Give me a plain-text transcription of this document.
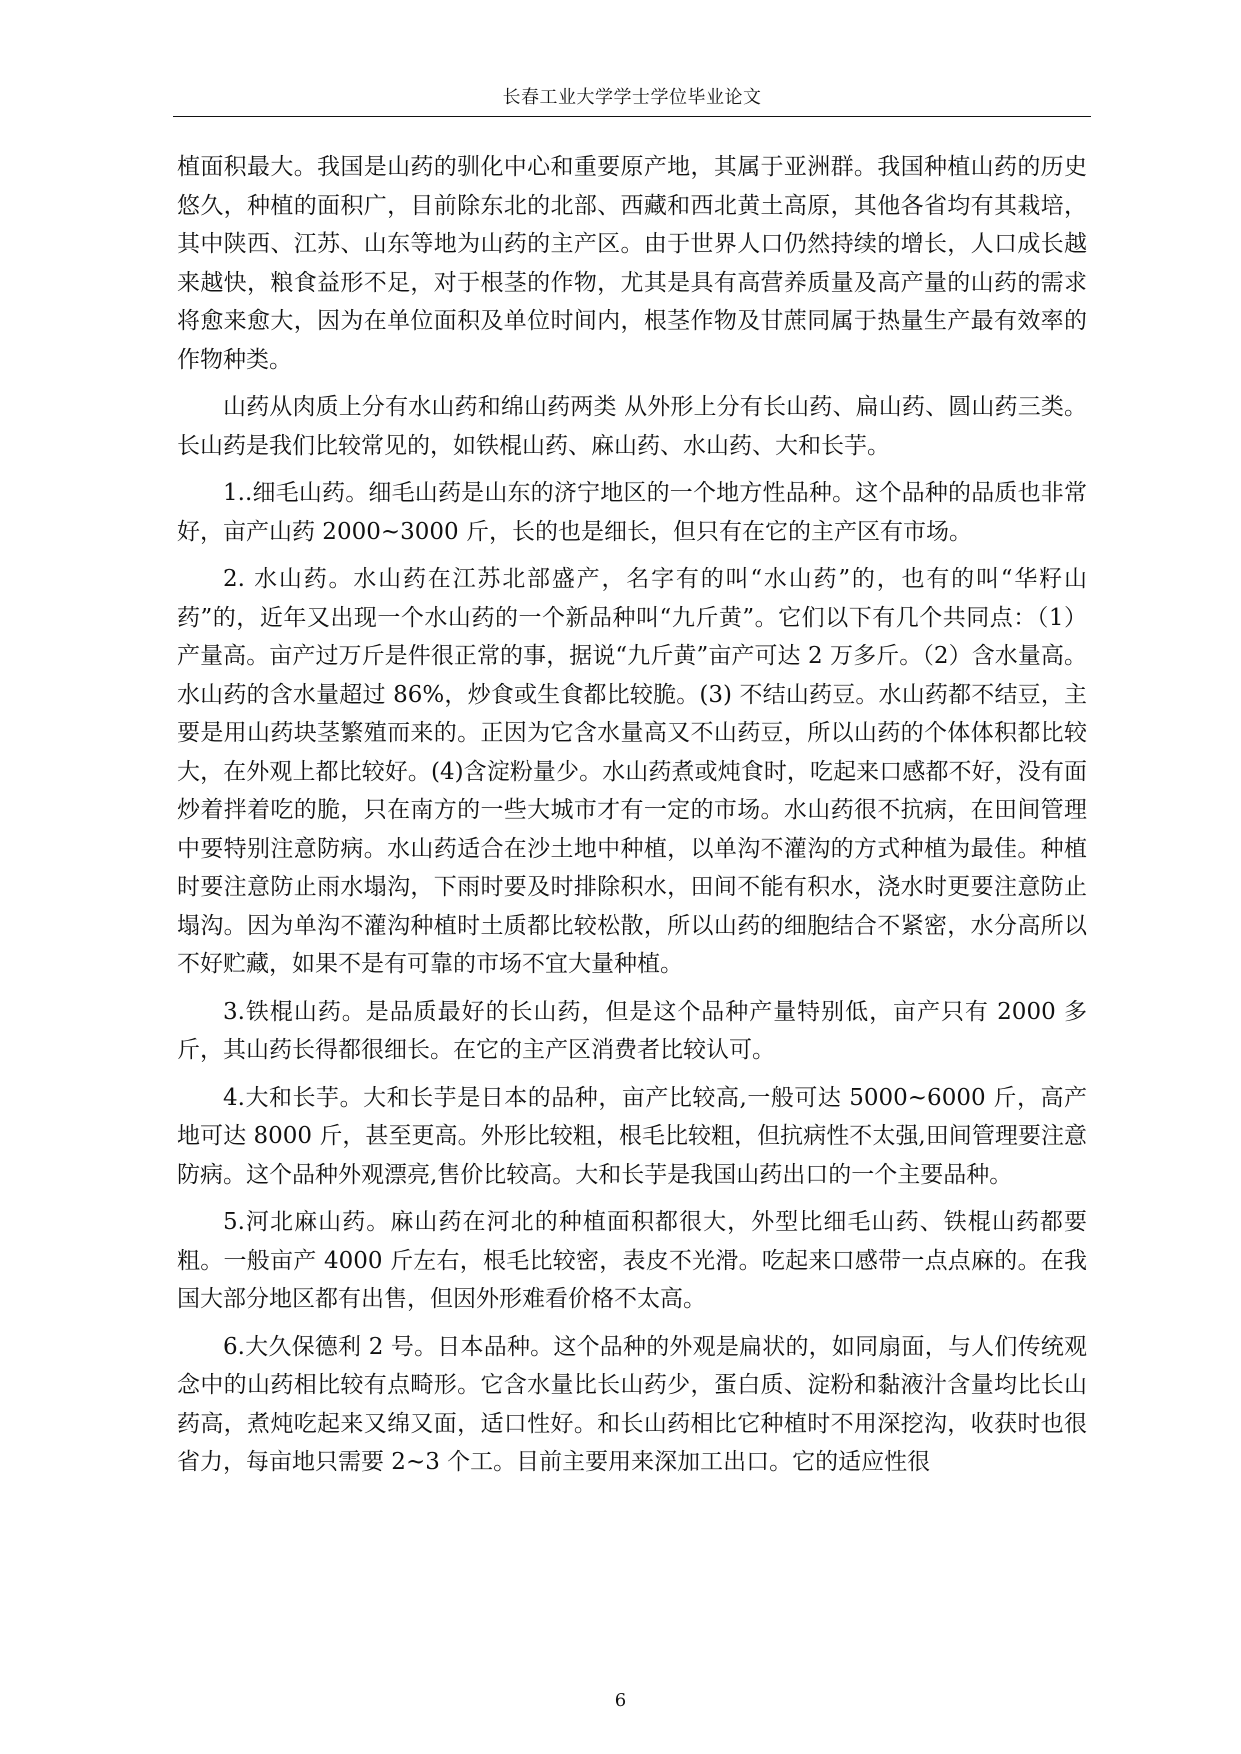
长春工业大学学士学位毕业论文

植面积最大。我国是山药的驯化中心和重要原产地，其属于亚洲群。我国种植山药的历史悠久，种植的面积广，目前除东北的北部、西藏和西北黄土高原，其他各省均有其栽培，其中陕西、江苏、山东等地为山药的主产区。由于世界人口仍然持续的增长，人口成长越来越快，粮食益形不足，对于根茎的作物，尤其是具有高营养质量及高产量的山药的需求将愈来愈大，因为在单位面积及单位时间内，根茎作物及甘蔗同属于热量生产最有效率的作物种类。

山药从肉质上分有水山药和绵山药两类 从外形上分有长山药、扁山药、圆山药三类。长山药是我们比较常见的，如铁棍山药、麻山药、水山药、大和长芋。

1..细毛山药。细毛山药是山东的济宁地区的一个地方性品种。这个品种的品质也非常好，亩产山药 2000~3000 斤，长的也是细长，但只有在它的主产区有市场。

2. 水山药。水山药在江苏北部盛产，名字有的叫“水山药”的，也有的叫“华籽山药”的，近年又出现一个水山药的一个新品种叫“九斤黄”。它们以下有几个共同点：（1）产量高。亩产过万斤是件很正常的事，据说“九斤黄”亩产可达 2 万多斤。（2）含水量高。水山药的含水量超过 86%，炒食或生食都比较脆。(3) 不结山药豆。水山药都不结豆，主要是用山药块茎繁殖而来的。正因为它含水量高又不山药豆，所以山药的个体体积都比较大，在外观上都比较好。(4)含淀粉量少。水山药煮或炖食时，吃起来口感都不好，没有面炒着拌着吃的脆，只在南方的一些大城市才有一定的市场。水山药很不抗病，在田间管理中要特别注意防病。水山药适合在沙土地中种植，以单沟不灌沟的方式种植为最佳。种植时要注意防止雨水塌沟，下雨时要及时排除积水，田间不能有积水，浇水时更要注意防止塌沟。因为单沟不灌沟种植时土质都比较松散，所以山药的细胞结合不紧密，水分高所以不好贮藏，如果不是有可靠的市场不宜大量种植。

3.铁棍山药。是品质最好的长山药，但是这个品种产量特别低，亩产只有 2000 多斤，其山药长得都很细长。在它的主产区消费者比较认可。

4.大和长芋。大和长芋是日本的品种，亩产比较高,一般可达 5000~6000 斤，高产地可达 8000 斤，甚至更高。外形比较粗，根毛比较粗，但抗病性不太强,田间管理要注意防病。这个品种外观漂亮,售价比较高。大和长芋是我国山药出口的一个主要品种。

5.河北麻山药。麻山药在河北的种植面积都很大，外型比细毛山药、铁棍山药都要粗。一般亩产 4000 斤左右，根毛比较密，表皮不光滑。吃起来口感带一点点麻的。在我国大部分地区都有出售，但因外形难看价格不太高。

6.大久保德利 2 号。日本品种。这个品种的外观是扁状的，如同扇面，与人们传统观念中的山药相比较有点畸形。它含水量比长山药少，蛋白质、淀粉和黏液汁含量均比长山药高，煮炖吃起来又绵又面，适口性好。和长山药相比它种植时不用深挖沟，收获时也很省力，每亩地只需要 2~3 个工。目前主要用来深加工出口。它的适应性很

6
